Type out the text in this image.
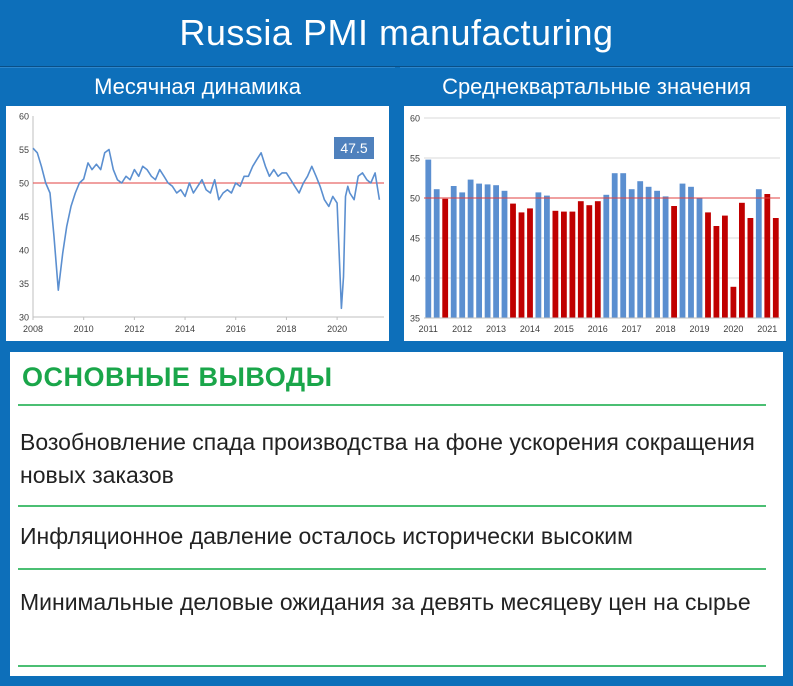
Russia PMI manufacturing
Месячная динамика	Среднеквартальные значения
30
35
40
45
50
55
60
2008	2010	2012	2014	2016	2018	2020
47.5
35
40
45
50
55
60
2011 2012 2013 2014 2015 2016 2017 2018 2019 2020 2021
ОСНОВНЫЕ ВЫВОДЫ
Возобновление спада производства на фоне ускорения сокращения новых заказов
Инфляционное давление осталось исторически высоким
Минимальные деловые ожидания за девять месяцеву цен на сырье
